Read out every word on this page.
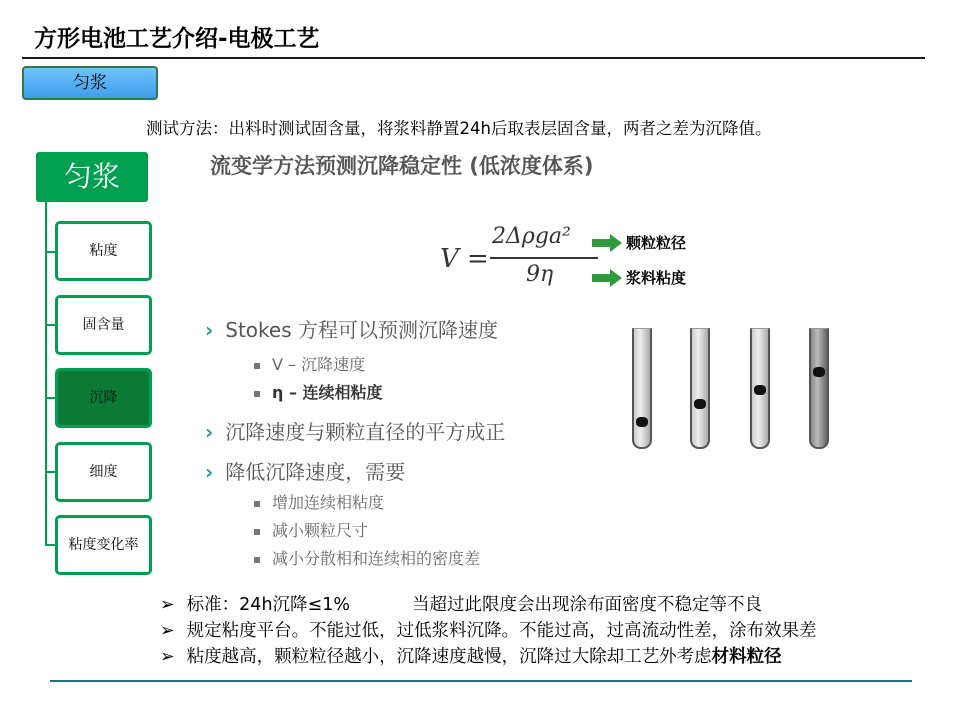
方形电池工艺介绍-电极工艺
匀浆
测试方法：出料时测试固含量，将浆料静置24h后取表层固含量，两者之差为沉降值。
匀浆
粘度
固含量
沉降
细度
粘度变化率
流变学方法预测沉降稳定性 (低浓度体系)
V =
2Δρga²
9η
颗粒粒径
浆料粘度
› Stokes 方程可以预测沉降速度
V – 沉降速度
η – 连续相粘度
› 沉降速度与颗粒直径的平方成正
› 降低沉降速度，需要
增加连续相粘度
减小颗粒尺寸
减小分散相和连续相的密度差
➢ 标准：24h沉降≤1%	当超过此限度会出现涂布面密度不稳定等不良
➢ 规定粘度平台。不能过低，过低浆料沉降。不能过高，过高流动性差，涂布效果差
➢ 粘度越高，颗粒粒径越小，沉降速度越慢，沉降过大除却工艺外考虑材料粒径
